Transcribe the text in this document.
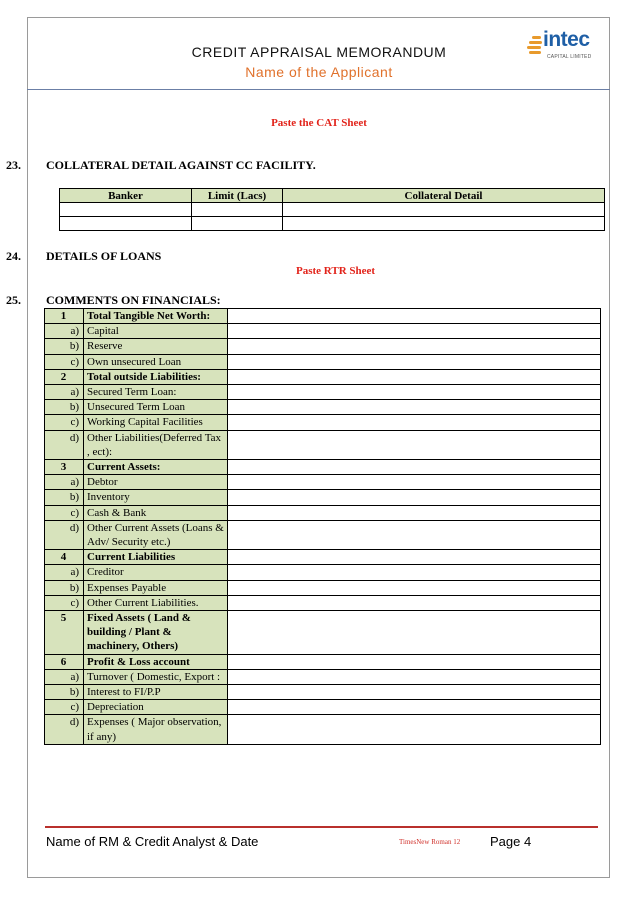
CREDIT APPRAISAL MEMORANDUM
Name of the Applicant
intec
CAPITAL LIMITED
Paste the CAT Sheet
23. COLLATERAL DETAIL AGAINST CC FACILITY.
Banker	Limit (Lacs)	Collateral Detail

24. DETAILS OF LOANS
Paste RTR Sheet
25. COMMENTS ON FINANCIALS:
1	Total Tangible Net Worth:	
a)	Capital	
b)	Reserve	
c)	Own unsecured Loan	
2	Total outside Liabilities:	
a)	Secured Term Loan:	
b)	Unsecured Term Loan	
c)	Working Capital Facilities	
d)	Other Liabilities(Deferred Tax , ect):	
3	Current Assets:	
a)	Debtor	
b)	Inventory	
c)	Cash & Bank	
d)	Other Current Assets (Loans & Adv/ Security etc.)	
4	Current Liabilities	
a)	Creditor	
b)	Expenses Payable	
c)	Other Current Liabilities.	
5	Fixed Assets ( Land & building / Plant & machinery, Others)	
6	Profit & Loss account	
a)	Turnover ( Domestic, Export :	
b)	Interest to FI/P.P	
c)	Depreciation	
d)	Expenses ( Major observation, if any)	
Name of RM & Credit Analyst & Date	TimesNew Roman 12 Page 4
